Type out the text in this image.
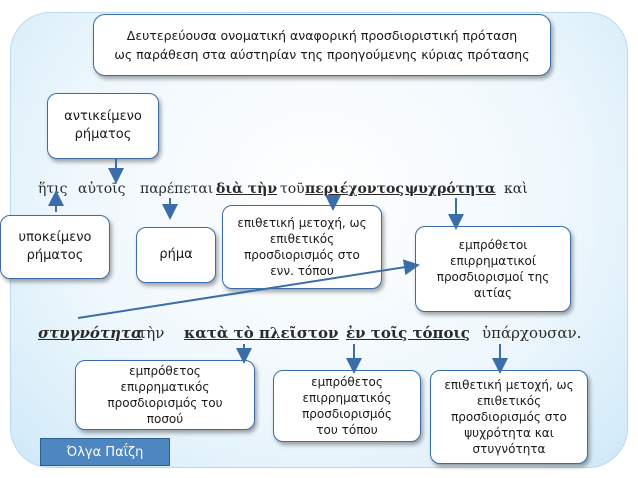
Δευτερεύουσα ονοματική αναφορική προσδιοριστική πρόταση
ως παράθεση στα αύστηρίαν της προηγούμενης κύριας πρότασης
αντικείμενο
ρήματος
υποκείμενο
ρήματος	ρήμα
επιθετική μετοχή, ως
επιθετικός
προσδιορισμός στο
ενν. τόπου
εμπρόθετοι
επιρρηματικοί
προσδιορισμοί της
αιτίας
εμπρόθετος
επιρρηματικός
προσδιορισμός του
ποσού
εμπρόθετος
επιρρηματικός
προσδιορισμός
του τόπου
επιθετική μετοχή, ως
επιθετικός
προσδιορισμός στο
ψυχρότητα και
στυγνότητα
ἥτις αὐτοῖς παρέπεται διὰ τὴν τοῦ περιέχοντος ψυχρότητα καὶ
στυγνότητα
τὴν κατὰ τὸ πλεῖστον ἐν τοῖς τόποις ὑπάρχουσαν.
Όλγα Παΐζη
